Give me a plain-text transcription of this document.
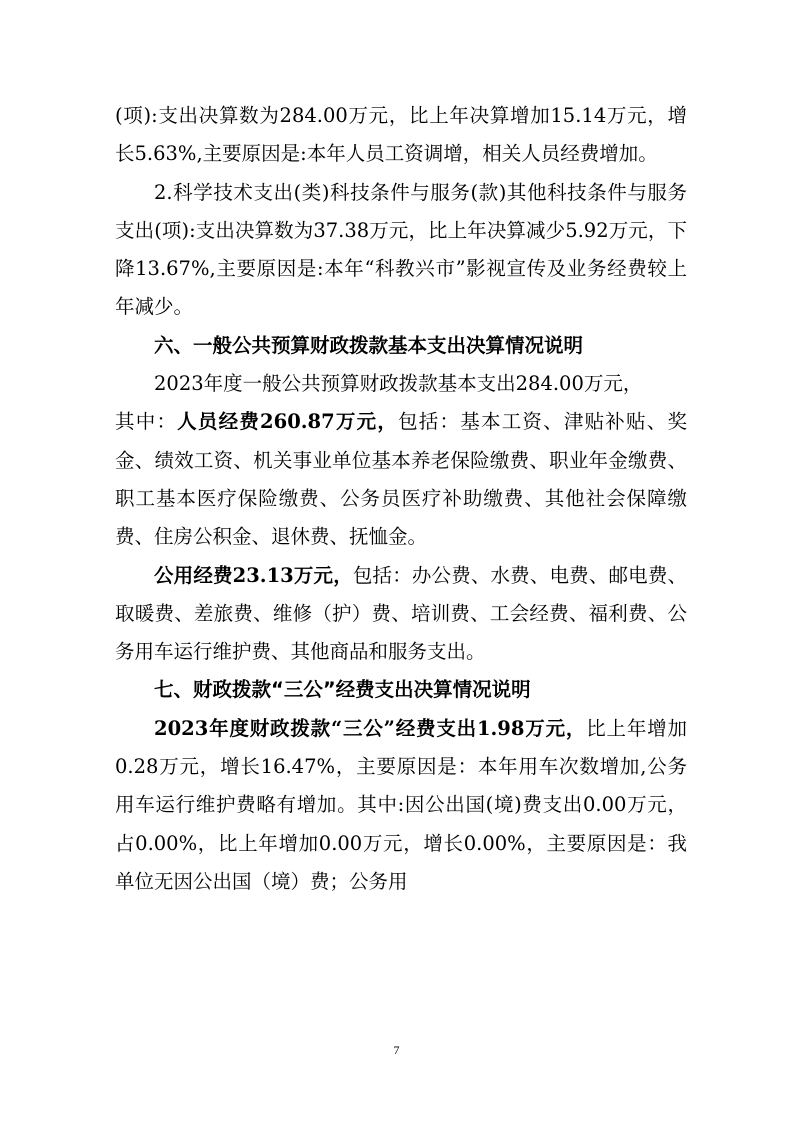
(项):支出决算数为284.00万元，比上年决算增加15.14万元，增长5.63%,主要原因是:本年人员工资调增，相关人员经费增加。

2.科学技术支出(类)科技条件与服务(款)其他科技条件与服务支出(项):支出决算数为37.38万元，比上年决算减少5.92万元，下降13.67%,主要原因是:本年“科教兴市”影视宣传及业务经费较上年减少。

六、一般公共预算财政拨款基本支出决算情况说明

2023年度一般公共预算财政拨款基本支出284.00万元，

其中：人员经费260.87万元，包括：基本工资、津贴补贴、奖金、绩效工资、机关事业单位基本养老保险缴费、职业年金缴费、职工基本医疗保险缴费、公务员医疗补助缴费、其他社会保障缴费、住房公积金、退休费、抚恤金。

公用经费23.13万元，包括：办公费、水费、电费、邮电费、取暖费、差旅费、维修（护）费、培训费、工会经费、福利费、公务用车运行维护费、其他商品和服务支出。

七、财政拨款“三公”经费支出决算情况说明

2023年度财政拨款“三公”经费支出1.98万元，比上年增加0.28万元，增长16.47%，主要原因是：本年用车次数增加,公务用车运行维护费略有增加。其中:因公出国(境)费支出0.00万元，占0.00%，比上年增加0.00万元，增长0.00%，主要原因是：我单位无因公出国（境）费；公务用

7
